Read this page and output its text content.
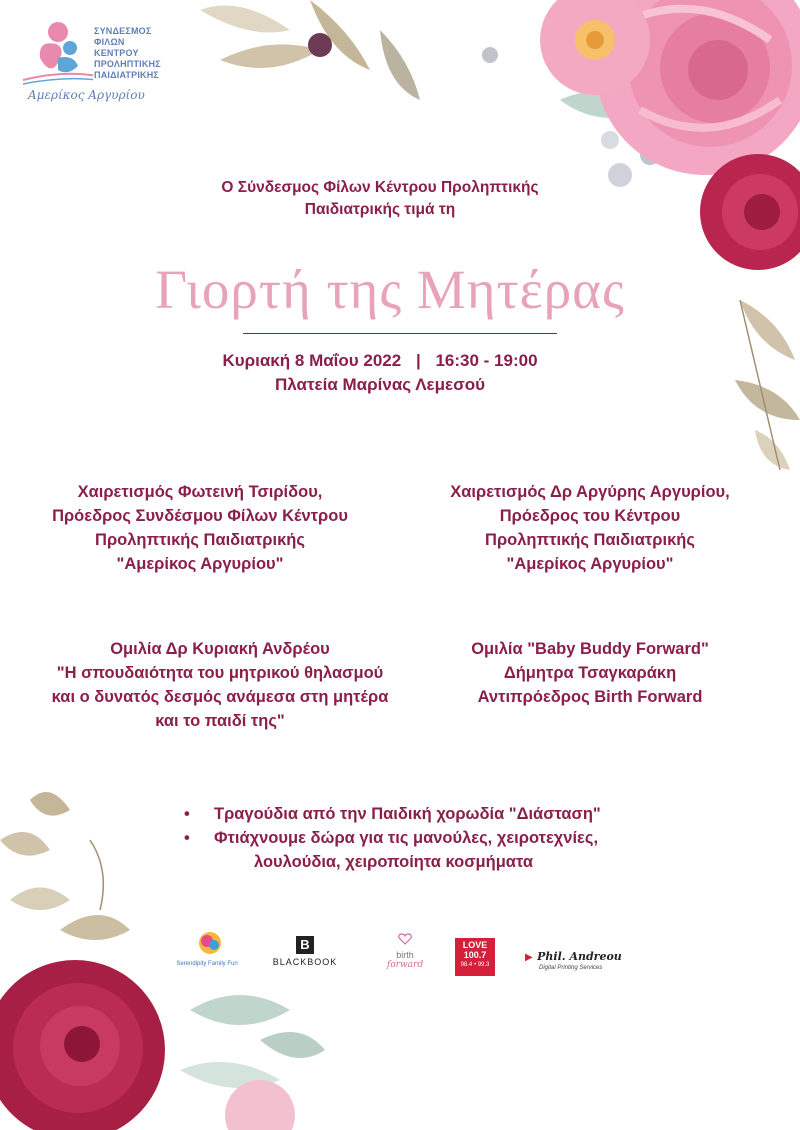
ΣΥΝΔΕΣΜΟΣ
ΦΙΛΩΝ
ΚΕΝΤΡΟΥ
ΠΡΟΛΗΠΤΙΚΗΣ
ΠΑΙΔΙΑΤΡΙΚΗΣ
Αμερίκος Αργυρίου
Ο Σύνδεσμος Φίλων Κέντρου Προληπτικής
Παιδιατρικής τιμά τη
Γιορτή της Μητέρας
Κυριακή 8 Μαΐου 2022 | 16:30 - 19:00
Πλατεία Μαρίνας Λεμεσού
Χαιρετισμός Φωτεινή Τσιρίδου,
Πρόεδρος Συνδέσμου Φίλων Κέντρου
Προληπτικής Παιδιατρικής
"Αμερίκος Αργυρίου"
Χαιρετισμός Δρ Αργύρης Αργυρίου,
Πρόεδρος του Κέντρου
Προληπτικής Παιδιατρικής
"Αμερίκος Αργυρίου"
Ομιλία Δρ Κυριακή Ανδρέου
"Η σπουδαιότητα του μητρικού θηλασμού
και ο δυνατός δεσμός ανάμεσα στη μητέρα
και το παιδί της"
Ομιλία "Baby Buddy Forward"
Δήμητρα Τσαγκαράκη
Αντιπρόεδρος Birth Forward
• Τραγούδια από την Παιδική χορωδία "Διάσταση"
• Φτιάχνουμε δώρα για τις μανούλες, χειροτεχνίες,
λουλούδια, χειροποίητα κοσμήματα
Serendipity Family Fun
B
BLACKBOOK
birth
forward
LOVE
100.7
98.4 • 99.3
▶ Phil. Andreou
Digital Printing Services
